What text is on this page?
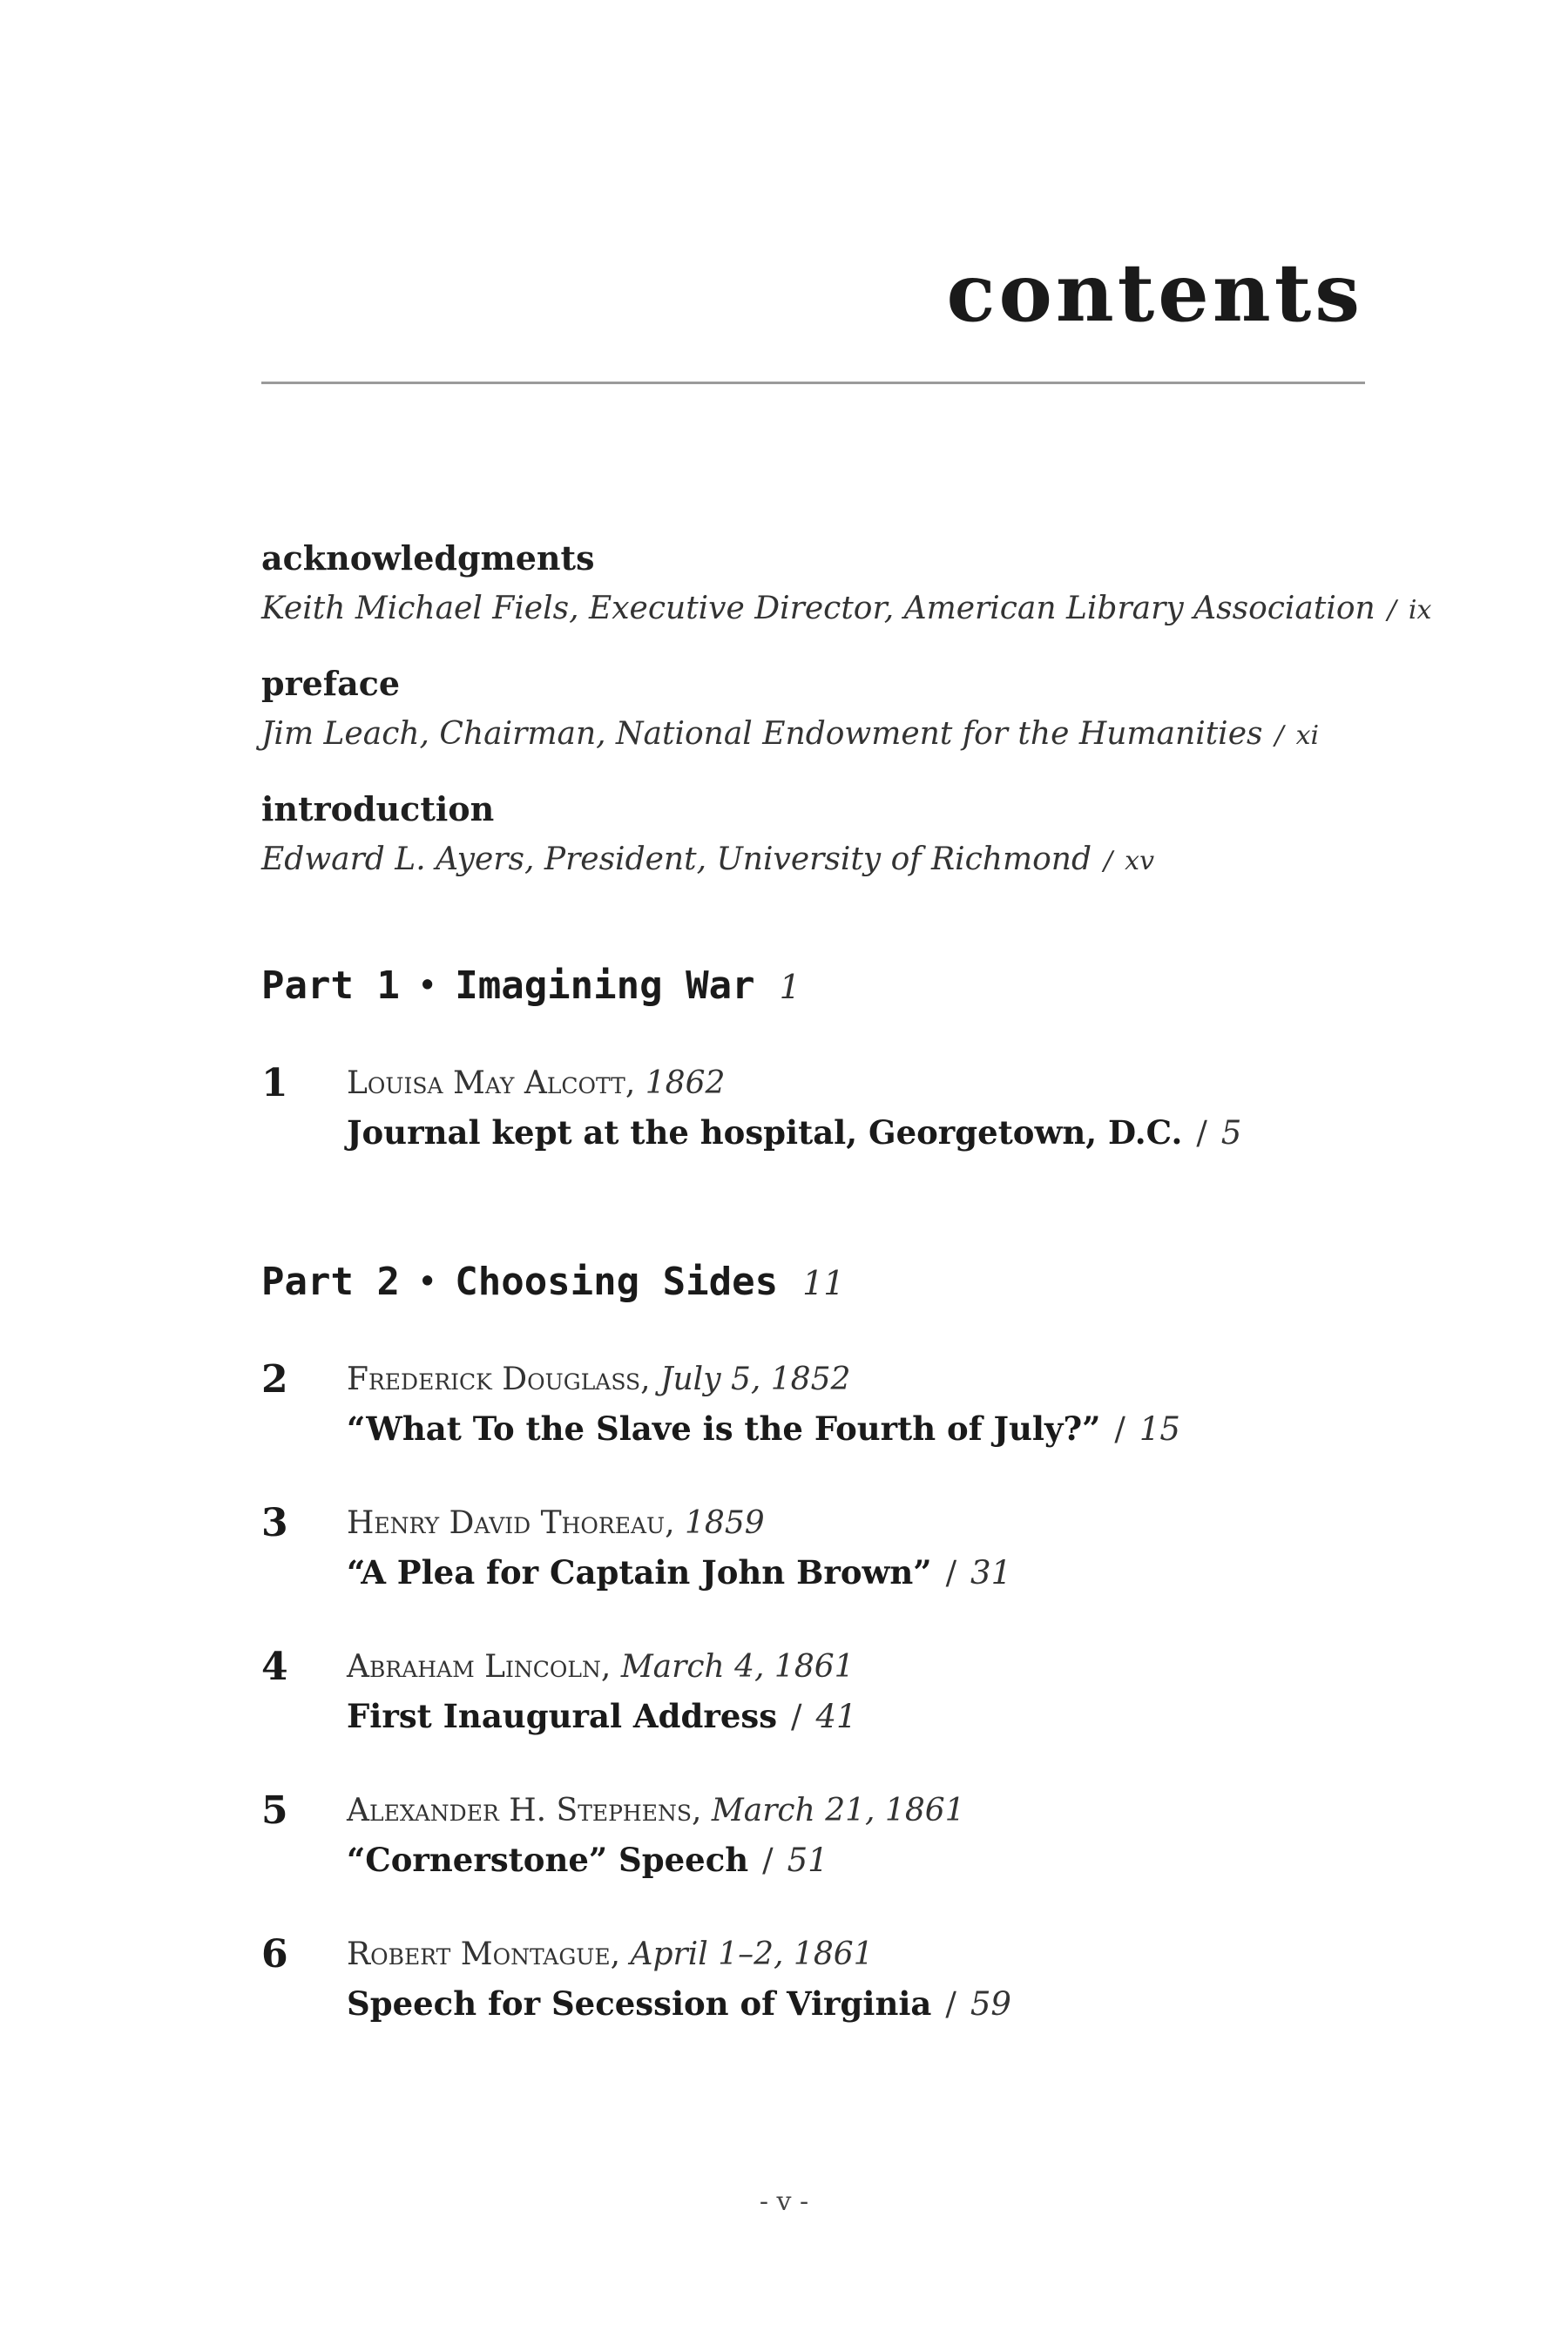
contents
acknowledgments
Keith Michael Fiels, Executive Director, American Library Association / ix
preface
Jim Leach, Chairman, National Endowment for the Humanities / xi
introduction
Edward L. Ayers, President, University of Richmond / xv
Part 1 • Imagining War 1
1 Louisa May Alcott, 1862
Journal kept at the hospital, Georgetown, D.C. / 5
Part 2 • Choosing Sides 11
2 Frederick Douglass, July 5, 1852
“What To the Slave is the Fourth of July?” / 15
3 Henry David Thoreau, 1859
“A Plea for Captain John Brown” / 31
4 Abraham Lincoln, March 4, 1861
First Inaugural Address / 41
5 Alexander H. Stephens, March 21, 1861
“Cornerstone” Speech / 51
6 Robert Montague, April 1–2, 1861
Speech for Secession of Virginia / 59
- v -
